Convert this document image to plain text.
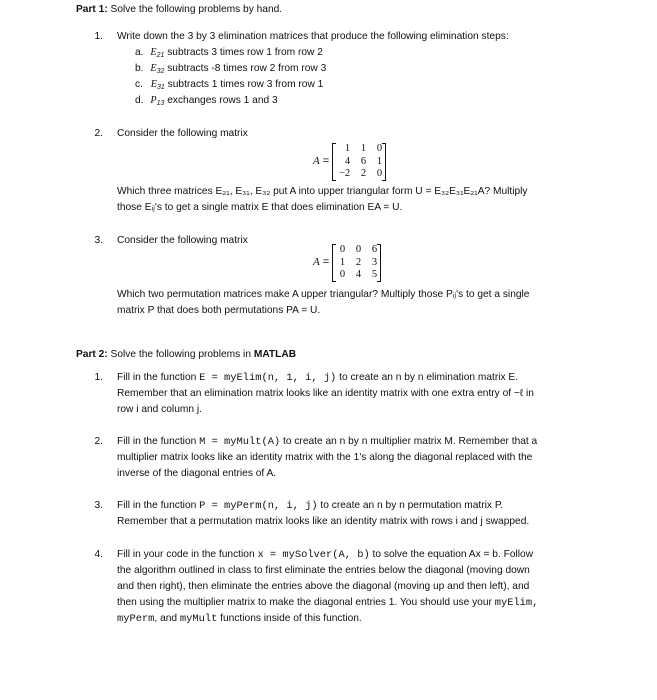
Part 1: Solve the following problems by hand.
1. Write down the 3 by 3 elimination matrices that produce the following elimination steps:
a. $E_{21}$ subtracts 3 times row 1 from row 2
b. $E_{32}$ subtracts -8 times row 2 from row 3
c. $E_{31}$ subtracts 1 times row 3 from row 1
d. $P_{13}$ exchanges rows 1 and 3
2. Consider the following matrix
A =
1	1	0
4	6	1
−2	2	0
Which three matrices E₂₁, E₃₁, E₃₂ put A into upper triangular form U = E₃₂E₃₁E₂₁A? Multiply
those Eᵢⱼ's to get a single matrix E that does elimination EA = U.
3. Consider the following matrix
A =
0	0	6
1	2	3
0	4	5
Which two permutation matrices make A upper triangular? Multiply those Pᵢⱼ's to get a single
matrix P that does both permutations PA = U.
Part 2: Solve the following problems in MATLAB
1. Fill in the function E = myElim(n, 1, i, j) to create an n by n elimination matrix E.
Remember that an elimination matrix looks like an identity matrix with one extra entry of −ℓ in
row i and column j.
2. Fill in the function M = myMult(A) to create an n by n multiplier matrix M. Remember that a
multiplier matrix looks like an identity matrix with the 1's along the diagonal replaced with the
inverse of the diagonal entries of A.
3. Fill in the function P = myPerm(n, i, j) to create an n by n permutation matrix P.
Remember that a permutation matrix looks like an identity matrix with rows i and j swapped.
4. Fill in your code in the function x = mySolver(A, b) to solve the equation Ax = b. Follow
the algorithm outlined in class to first eliminate the entries below the diagonal (moving down
and then right), then eliminate the entries above the diagonal (moving up and then left), and
then using the multiplier matrix to make the diagonal entries 1. You should use your myElim,
myPerm, and myMult functions inside of this function.
